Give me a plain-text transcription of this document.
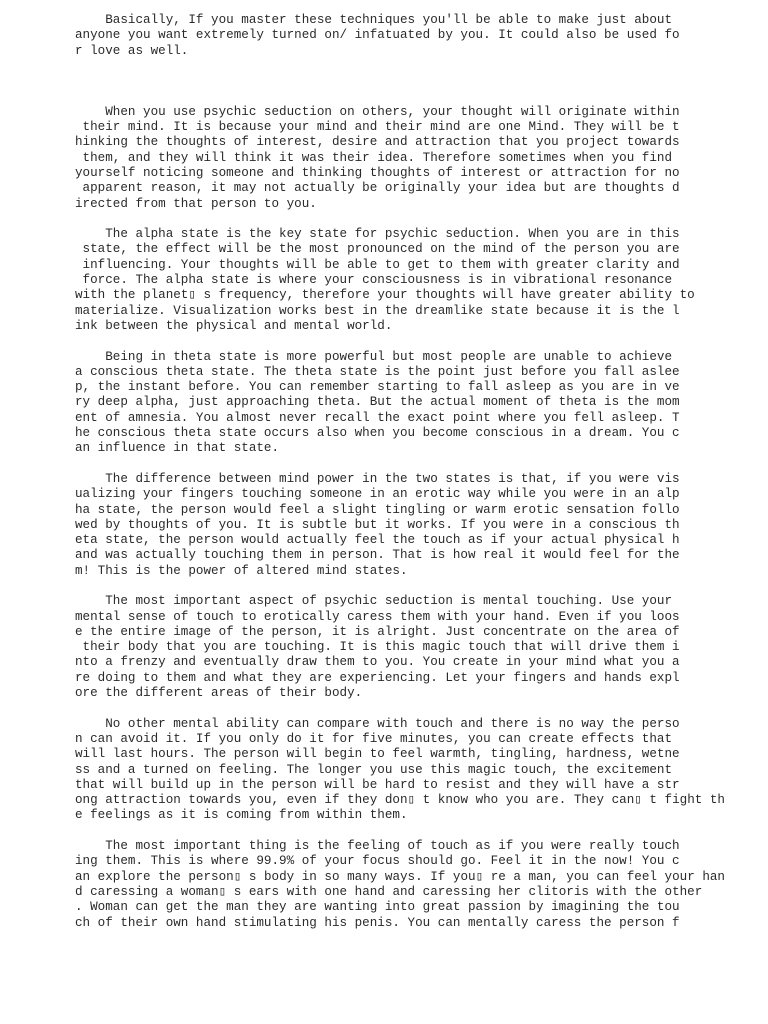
Basically, If you master these techniques you'll be able to make just about
anyone you want extremely turned on/ infatuated by you. It could also be used fo
r love as well.
When you use psychic seduction on others, your thought will originate within
their mind. It is because your mind and their mind are one Mind. They will be t
hinking the thoughts of interest, desire and attraction that you project towards
them, and they will think it was their idea. Therefore sometimes when you find
yourself noticing someone and thinking thoughts of interest or attraction for no
apparent reason, it may not actually be originally your idea but are thoughts d
irected from that person to you.
The alpha state is the key state for psychic seduction. When you are in this
state, the effect will be the most pronounced on the mind of the person you are
influencing. Your thoughts will be able to get to them with greater clarity and
force. The alpha state is where your consciousness is in vibrational resonance
with the planet▯ s frequency, therefore your thoughts will have greater ability to
materialize. Visualization works best in the dreamlike state because it is the l
ink between the physical and mental world.
Being in theta state is more powerful but most people are unable to achieve
a conscious theta state. The theta state is the point just before you fall aslee
p, the instant before. You can remember starting to fall asleep as you are in ve
ry deep alpha, just approaching theta. But the actual moment of theta is the mom
ent of amnesia. You almost never recall the exact point where you fell asleep. T
he conscious theta state occurs also when you become conscious in a dream. You c
an influence in that state.
The difference between mind power in the two states is that, if you were vis
ualizing your fingers touching someone in an erotic way while you were in an alp
ha state, the person would feel a slight tingling or warm erotic sensation follo
wed by thoughts of you. It is subtle but it works. If you were in a conscious th
eta state, the person would actually feel the touch as if your actual physical h
and was actually touching them in person. That is how real it would feel for the
m! This is the power of altered mind states.
The most important aspect of psychic seduction is mental touching. Use your
mental sense of touch to erotically caress them with your hand. Even if you loos
e the entire image of the person, it is alright. Just concentrate on the area of
their body that you are touching. It is this magic touch that will drive them i
nto a frenzy and eventually draw them to you. You create in your mind what you a
re doing to them and what they are experiencing. Let your fingers and hands expl
ore the different areas of their body.
No other mental ability can compare with touch and there is no way the perso
n can avoid it. If you only do it for five minutes, you can create effects that
will last hours. The person will begin to feel warmth, tingling, hardness, wetne
ss and a turned on feeling. The longer you use this magic touch, the excitement
that will build up in the person will be hard to resist and they will have a str
ong attraction towards you, even if they don▯ t know who you are. They can▯ t fight th
e feelings as it is coming from within them.
The most important thing is the feeling of touch as if you were really touch
ing them. This is where 99.9% of your focus should go. Feel it in the now! You c
an explore the person▯ s body in so many ways. If you▯ re a man, you can feel your han
d caressing a woman▯ s ears with one hand and caressing her clitoris with the other
. Woman can get the man they are wanting into great passion by imagining the tou
ch of their own hand stimulating his penis. You can mentally caress the person f
